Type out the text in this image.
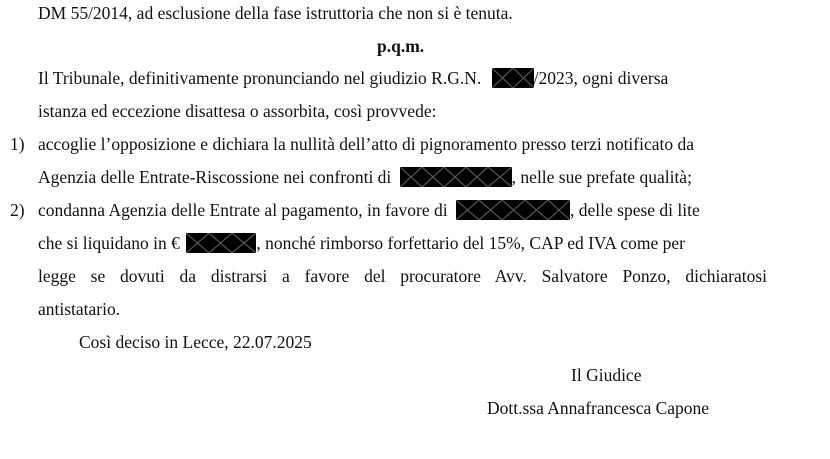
DM 55/2014, ad esclusione della fase istruttoria che non si è tenuta.
p.q.m.
Il Tribunale, definitivamente pronunciando nel giudizio R.G.N.	/2023, ogni diversa
istanza ed eccezione disattesa o assorbita, così provvede:
1) accoglie l’opposizione e dichiara la nullità dell’atto di pignoramento presso terzi notificato da
Agenzia delle Entrate-Riscossione nei confronti di	, nelle sue prefate qualità;
2) condanna Agenzia delle Entrate al pagamento, in favore di	, delle spese di lite
che si liquidano in €	, nonché rimborso forfettario del 15%, CAP ed IVA come per
legge se dovuti da distrarsi a favore del procuratore Avv. Salvatore Ponzo, dichiaratosi
antistatario.
Così deciso in Lecce, 22.07.2025
Il Giudice
Dott.ssa Annafrancesca Capone
